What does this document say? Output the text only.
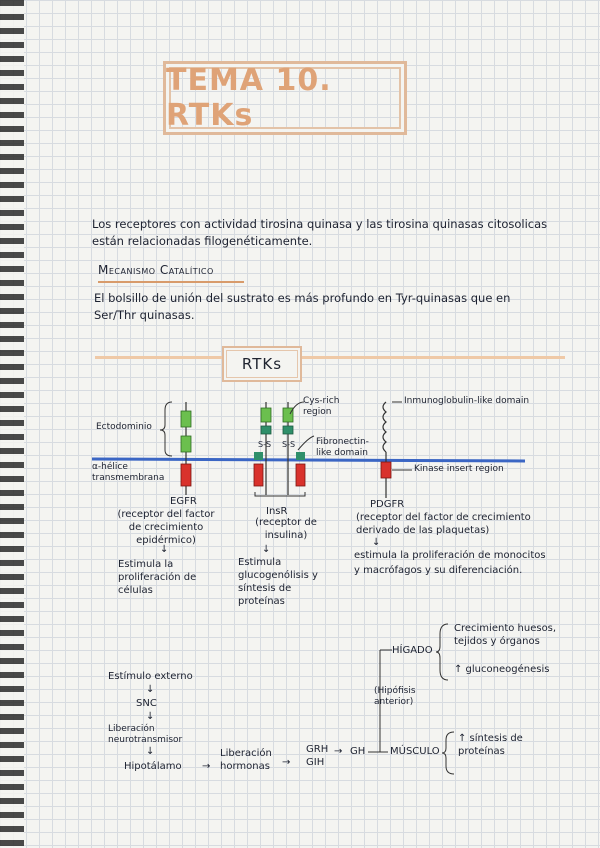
TEMA 10. RTKs
Los receptores con actividad tirosina quinasa y las tirosina quinasas citosolicas están relacionadas filogenéticamente.
Mecanismo Catalítico
El bolsillo de unión del sustrato es más profundo en Tyr-quinasas que en Ser/Thr quinasas.
RTKs
Ectodominio
α-hélice transmembrana
Cys-rich region
Fibronectin-like domain
Inmunoglobulin-like domain
Kinase insert region
S-S S-S
EGFR
(receptor del factor de crecimiento epidérmico)
↓
Estimula la proliferación de células
InsR
(receptor de insulina)
↓
Estimula glucogenólisis y síntesis de proteínas
PDGFR
(receptor del factor de crecimiento derivado de las plaquetas)
↓
estimula la proliferación de monocitos y macrófagos y su diferenciación.
Estímulo externo
↓
SNC
↓
Liberación neurotransmisor
↓
Hipotálamo →
Liberación hormonas
GRH
GIH
→
→ GH
HÍGADO
Crecimiento huesos, tejidos y órganos
↑ gluconeogénesis
(Hipófisis anterior)
MÚSCULO
↑ síntesis de proteínas
